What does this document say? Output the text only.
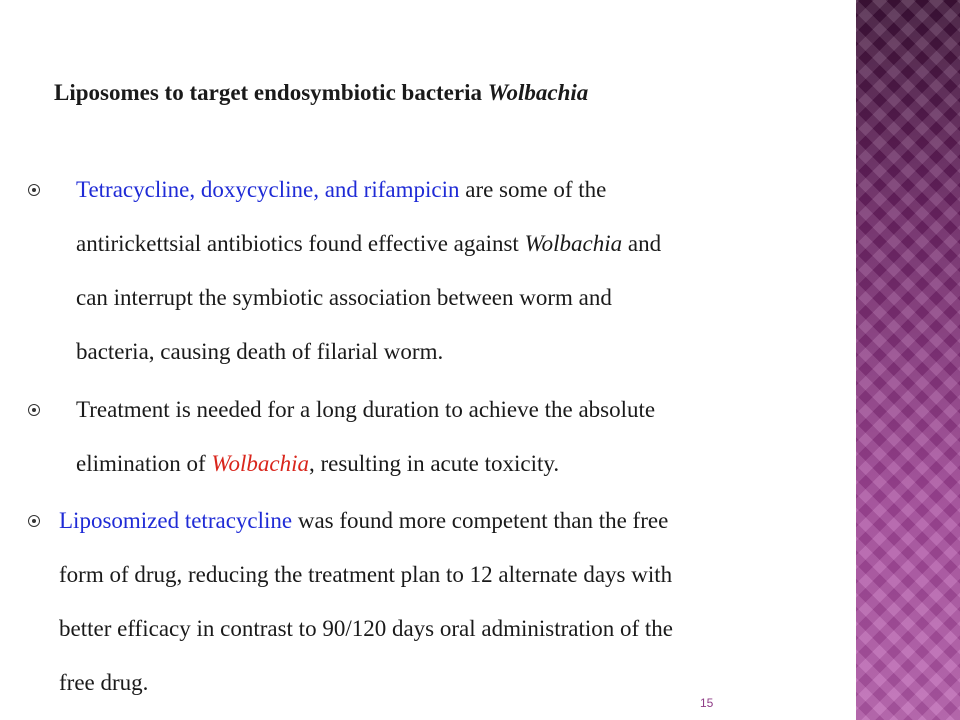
Liposomes to target endosymbiotic bacteria Wolbachia
Tetracycline, doxycycline, and rifampicin are some of the
antirickettsial antibiotics found effective against Wolbachia and
can interrupt the symbiotic association between worm and
bacteria, causing death of filarial worm.
Treatment is needed for a long duration to achieve the absolute
elimination of Wolbachia, resulting in acute toxicity.
Liposomized tetracycline was found more competent than the free
form of drug, reducing the treatment plan to 12 alternate days with
better efficacy in contrast to 90/120 days oral administration of the
free drug.
15
